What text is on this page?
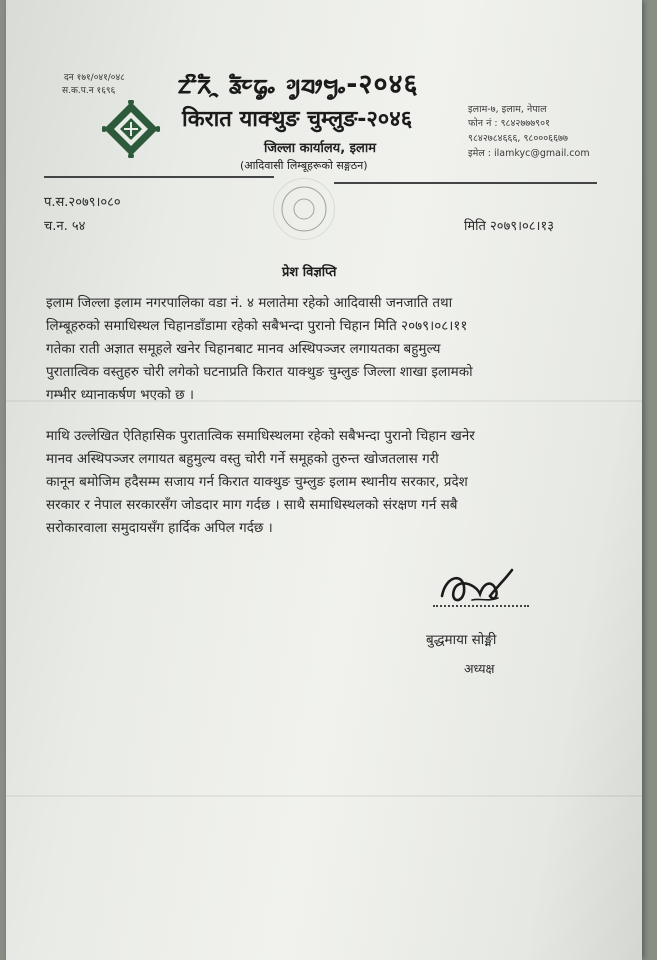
दन १७१/०४१/०४८
स.क.प.न १६९६ ᤁᤡᤖᤠᤳ ᤕᤠᤰᤒᤢᤱ ᤆᤢᤔᤣᤗᤢᤱ-२०४६
किरात याक्थुङ चुम्लुङ-२०४६
जिल्ला कार्यालय, इलाम
(आदिवासी लिम्बूहरूको सङ्गठन)
इलाम-७, इलाम, नेपाल
फोन नं : ९८४२७७७९०१
९८४२७८४६६६, ९८०००६६७७
इमेल : ilamkyc@gmail.com
प.स.२०७९।०८०
च.न. ५४	मिति २०७९।०८।१३
प्रेश विज्ञप्ति
इलाम जिल्ला इलाम नगरपालिका वडा नं. ४ मलातेमा रहेको आदिवासी जनजाति तथा
लिम्बूहरुको समाधिस्थल चिहानडाँडामा रहेको सबैभन्दा पुरानो चिहान मिति २०७९।०८।११
गतेका राती अज्ञात समूहले खनेर चिहानबाट मानव अस्थिपञ्जर लगायतका बहुमुल्य
पुरातात्विक वस्तुहरु चोरी लगेको घटनाप्रति किरात याक्थुङ चुम्लुङ जिल्ला शाखा इलामको
गम्भीर ध्यानाकर्षण भएको छ ।
माथि उल्लेखित ऐतिहासिक पुरातात्विक समाधिस्थलमा रहेको सबैभन्दा पुरानो चिहान खनेर
मानव अस्थिपञ्जर लगायत बहुमुल्य वस्तु चोरी गर्ने समूहको तुरुन्त खोजतलास गरी
कानून बमोजिम हदैसम्म सजाय गर्न किरात याक्थुङ चुम्लुङ इलाम स्थानीय सरकार, प्रदेश
सरकार र नेपाल सरकारसँग जोडदार माग गर्दछ । साथै समाधिस्थलको संरक्षण गर्न सबै
सरोकारवाला समुदायसँग हार्दिक अपिल गर्दछ ।
बुद्धमाया सोङ्मी
अध्यक्ष
